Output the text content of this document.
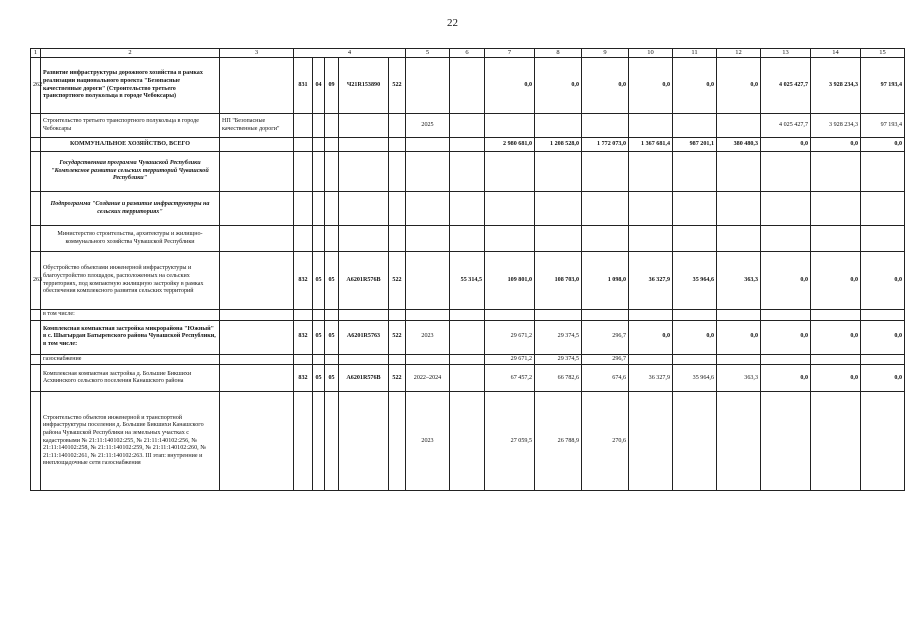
22
1	2	3	4					5	6	7	8	9	10	11	12	13	14	15
262	Развитие инфраструктуры дорожного хозяйства в рамках реализации национального проекта "Безопасные качественные дороги" (Строительство третьего транспортного полукольца в городе Чебоксары)		831	04	09	Ч21R153890	522			0,0	0,0	0,0	0,0	0,0	0,0	4 025 427,7	3 928 234,3	97 193,4
	Строительство третьего транспортного полукольца в городе Чебоксары	НП "Безопасные качественные дороги"						2025								4 025 427,7	3 928 234,3	97 193,4
	КОММУНАЛЬНОЕ ХОЗЯЙСТВО, ВСЕГО									2 980 681,0	1 208 528,0	1 772 073,0	1 367 681,4	987 201,1	380 480,3	0,0	0,0	0,0
	Государственная программа Чувашской Республики "Комплексное развитие сельских территорий Чувашской Республики"																	
	Подпрограмма "Создание и развитие инфраструктуры на сельских территориях"																	
	Министерство строительства, архитектуры и жилищно-коммунального хозяйства Чувашской Республики																	
263	Обустройство объектами инженерной инфраструктуры и благоустройство площадок, расположенных на сельских территориях, под компактную жилищную застройку в рамках обеспечения комплексного развития сельских территорий		832	05	05	А6201R576В	522		55 314,5	109 801,0	108 703,0	1 098,0	36 327,9	35 964,6	363,3	0,0	0,0	0,0
	в том числе:																	
	Комплексная компактная застройка микрорайона "Южный" в с. Шыгырдан Батыревского района Чувашской Республики, в том числе:		832	05	05	А6201R5763	522	2023		29 671,2	29 374,5	296,7	0,0	0,0	0,0	0,0	0,0	0,0
	газоснабжение									29 671,2	29 374,5	296,7						
	Комплексная компактная застройка д. Большие Бикшихи Асхвинского сельского поселения Канашского района		832	05	05	А6201R576В	522	2022–2024		67 457,2	66 782,6	674,6	36 327,9	35 964,6	363,3	0,0	0,0	0,0
	Строительство объектов инженерной и транспортной инфраструктуры поселения д. Большие Бикшихи Канашского района Чувашской Республики на земельных участках с кадастровыми № 21:11:140102:255, № 21:11:140102:256, № 21:11:140102:258, № 21:11:140102:259, № 21:11:140102:260, № 21:11:140102:261, № 21:11:140102:263. III этап: внутренние и внеплощадочные сети газоснабжения							2023		27 059,5	26 788,9	270,6						
